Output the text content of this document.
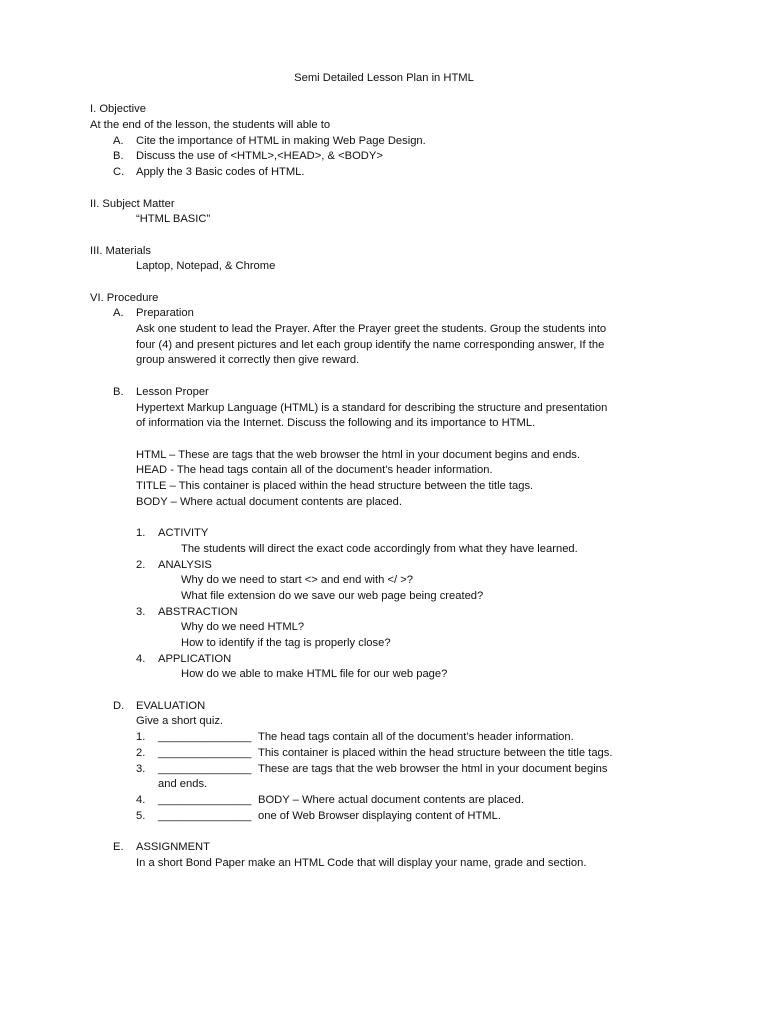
Semi Detailed Lesson Plan in HTML
I. Objective
At the end of the lesson, the students will able to
A. Cite the importance of HTML in making Web Page Design.
B. Discuss the use of <HTML>,<HEAD>, & <BODY>
C. Apply the 3 Basic codes of HTML.
II. Subject Matter
“HTML BASIC”
III. Materials
Laptop, Notepad, & Chrome
VI. Procedure
A. Preparation
Ask one student to lead the Prayer. After the Prayer greet the students. Group the students into
four (4) and present pictures and let each group identify the name corresponding answer, If the
group answered it correctly then give reward.
B. Lesson Proper
Hypertext Markup Language (HTML) is a standard for describing the structure and presentation
of information via the Internet. Discuss the following and its importance to HTML.
HTML – These are tags that the web browser the html in your document begins and ends.
HEAD - The head tags contain all of the document’s header information.
TITLE – This container is placed within the head structure between the title tags.
BODY – Where actual document contents are placed.
1. ACTIVITY
The students will direct the exact code accordingly from what they have learned.
2. ANALYSIS
Why do we need to start <> and end with </ >?
What file extension do we save our web page being created?
3. ABSTRACTION
Why do we need HTML?
How to identify if the tag is properly close?
4. APPLICATION
How do we able to make HTML file for our web page?
D. EVALUATION
Give a short quiz.
1. _______________ The head tags contain all of the document’s header information.
2. _______________ This container is placed within the head structure between the title tags.
3. _______________ These are tags that the web browser the html in your document begins
and ends.
4. _______________ BODY – Where actual document contents are placed.
5. _______________ one of Web Browser displaying content of HTML.
E. ASSIGNMENT
In a short Bond Paper make an HTML Code that will display your name, grade and section.
